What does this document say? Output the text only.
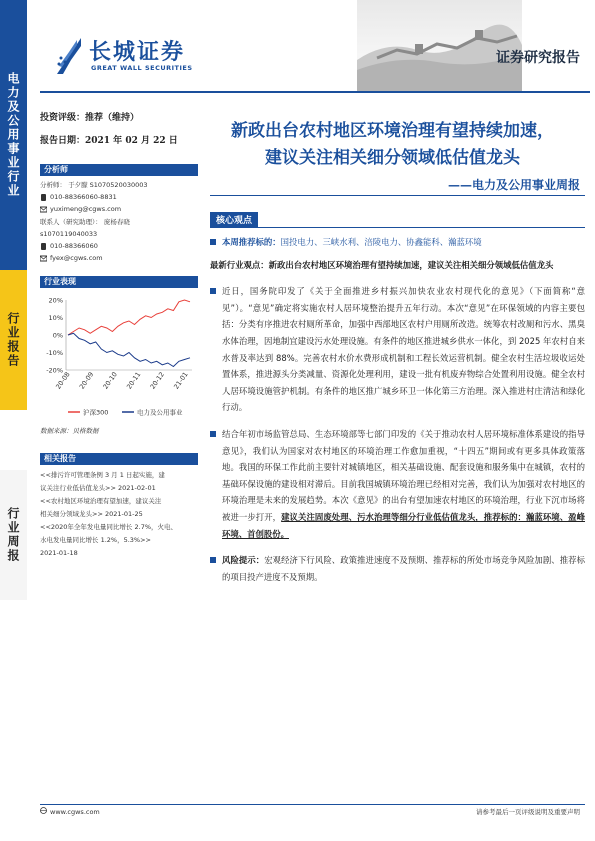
电力及公用事业行业
行业报告
行业周报
长城证券
GREAT WALL SECURITIES
证券研究报告
投资评级：推荐（维持）
报告日期：2021 年 02 月 22 日
分析师
分析师： 于夕朦 S1070520030003
010-88366060-8831
yuximeng@cgws.com
联系人（研究助理）： 庞杨春晓
s1070119040033
010-88366060
fyex@cgws.com
行业表现
20%
10%
0%
-10%
-20%
20-08 20-09 20-10 20-11 20-12 21-01
沪深300	电力及公用事业
数据来源：贝格数据
相关报告
<<排污许可管理条例 3 月 1 日起实施，建
议关注行业低估值龙头>> 2021-02-01
<<农村地区环境治理有望加速，建议关注
相关细分领域龙头>> 2021-01-25
<<2020年全年发电量同比增长 2.7%，火电、
水电发电量同比增长 1.2%，5.3%>>
2021-01-18
新政出台农村地区环境治理有望持续加速，
建议关注相关细分领域低估值龙头
——电力及公用事业周报
核心观点
本周推荐标的：国投电力、三峡水利、涪陵电力、协鑫能科、瀚蓝环境
最新行业观点：新政出台农村地区环境治理有望持续加速，建议关注相关细分领域低估值龙头
近日，国务院印发了《关于全面推进乡村振兴加快农业农村现代化的意见》（下面简称“意见”）。“意见”确定将实施农村人居环境整治提升五年行动。本次“意见”在环保领域的内容主要包括：分类有序推进农村厕所革命，加强中西部地区农村户用厕所改造。统筹农村改厕和污水、黑臭水体治理，因地制宜建设污水处理设施。有条件的地区推进城乡供水一体化，到 2025 年农村自来水普及率达到 88%。完善农村水价水费形成机制和工程长效运营机制。健全农村生活垃圾收运处置体系，推进源头分类减量、资源化处理利用，建设一批有机废弃物综合处置利用设施。健全农村人居环境设施管护机制。有条件的地区推广城乡环卫一体化第三方治理。深入推进村庄清洁和绿化行动。
结合年初市场监管总局、生态环境部等七部门印发的《关于推动农村人居环境标准体系建设的指导意见》，我们认为国家对农村地区的环境治理工作愈加重视，“十四五”期间或有更多具体政策落地。我国的环保工作此前主要针对城镇地区，相关基础设施、配套设施和服务集中在城镇，农村的基础环保设施的建设相对滞后。目前我国城镇环境治理已经相对完善，我们认为加强对农村地区的环境治理是未来的发展趋势。本次《意见》的出台有望加速农村地区的环境治理，行业下沉市场将被进一步打开，建议关注固废处理、污水治理等细分行业低估值龙头，推荐标的：瀚蓝环境、盈峰环境、首创股份。
风险提示：宏观经济下行风险、政策推进速度不及预期、推荐标的所处市场竞争风险加剧、推荐标的项目投产进度不及预期。
www.cgws.com	请参考最后一页评级说明及重要声明
